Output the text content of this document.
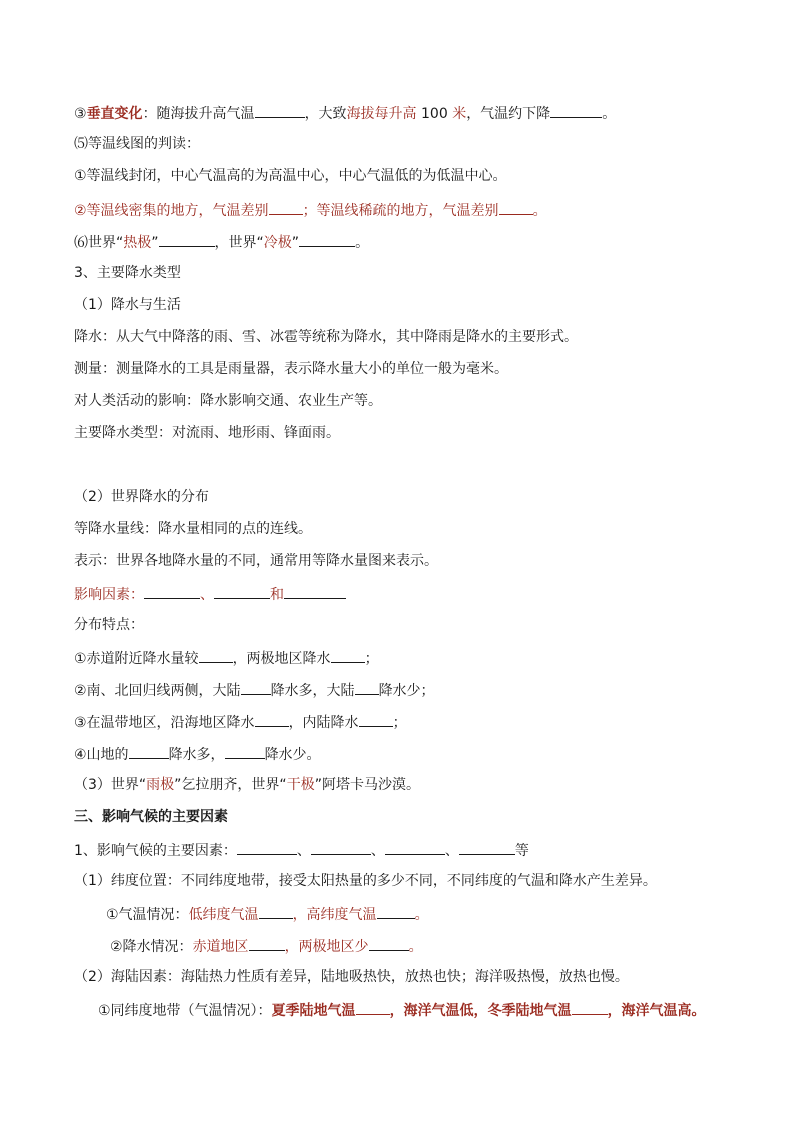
③垂直变化：随海拔升高气温	，大致海拔每升高 100 米，气温约下降	。
⑸等温线图的判读：
①等温线封闭，中心气温高的为高温中心，中心气温低的为低温中心。
②等温线密集的地方，气温差别 ；等温线稀疏的地方，气温差别 。
⑹世界“热极”	，世界“冷极”	。
3、主要降水类型
（1）降水与生活
降水：从大气中降落的雨、雪、冰雹等统称为降水，其中降雨是降水的主要形式。
测量：测量降水的工具是雨量器，表示降水量大小的单位一般为毫米。
对人类活动的影响：降水影响交通、农业生产等。
主要降水类型：对流雨、地形雨、锋面雨。
（2）世界降水的分布
等降水量线：降水量相同的点的连线。
表示：世界各地降水量的不同，通常用等降水量图来表示。
影响因素：	、	和
分布特点：
①赤道附近降水量较 ，两极地区降水 ；
②南、北回归线两侧，大陆 降水多，大陆 降水少；
③在温带地区，沿海地区降水 ，内陆降水 ；
④山地的	降水多，	降水少。
（3）世界“雨极”乞拉朋齐，世界“干极”阿塔卡马沙漠。
三、影响气候的主要因素
1、影响气候的主要因素：	、	、	、	等
（1）纬度位置：不同纬度地带，接受太阳热量的多少不同，不同纬度的气温和降水产生差异。
①气温情况：低纬度气温 ，高纬度气温	。
②降水情况：赤道地区	，两极地区少	。
（2）海陆因素：海陆热力性质有差异，陆地吸热快，放热也快；海洋吸热慢，放热也慢。
①同纬度地带（气温情况）：夏季陆地气温 ，海洋气温低，冬季陆地气温	，海洋气温高。
